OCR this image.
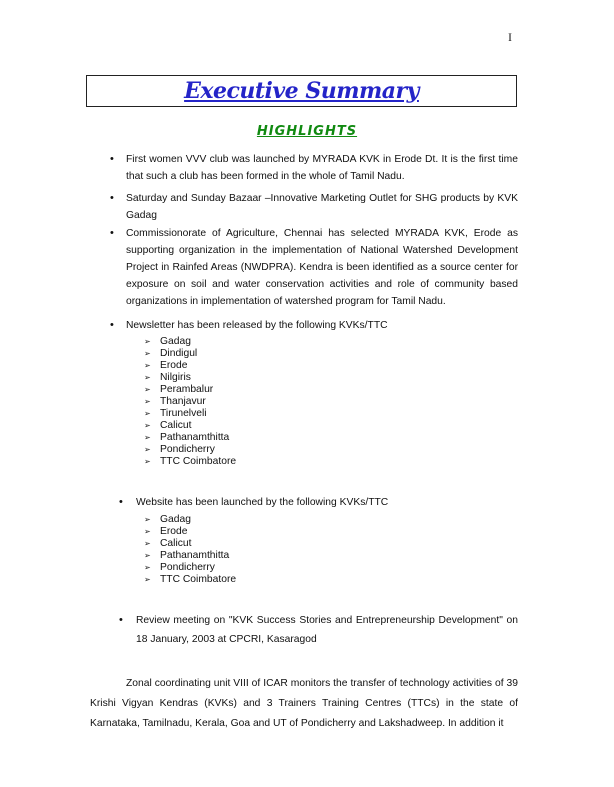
I
Executive Summary
HIGHLIGHTS
• First women VVV club was launched by MYRADA KVK in Erode Dt. It is the first time that such a club has been formed in the whole of Tamil Nadu.
• Saturday and Sunday Bazaar –Innovative Marketing Outlet for SHG products by KVK Gadag
• Commissionorate of Agriculture, Chennai has selected MYRADA KVK, Erode as supporting organization in the implementation of National Watershed Development Project in Rainfed Areas (NWDPRA). Kendra is been identified as a source center for exposure on soil and water conservation activities and role of community based organizations in implementation of watershed program for Tamil Nadu.
• Newsletter has been released by the following KVKs/TTC
➢ Gadag
➢ Dindigul
➢ Erode
➢ Nilgiris
➢ Perambalur
➢ Thanjavur
➢ Tirunelveli
➢ Calicut
➢ Pathanamthitta
➢ Pondicherry
➢ TTC Coimbatore
• Website has been launched by the following KVKs/TTC
➢ Gadag
➢ Erode
➢ Calicut
➢ Pathanamthitta
➢ Pondicherry
➢ TTC Coimbatore
• Review meeting on "KVK Success Stories and Entrepreneurship Development" on 18 January, 2003 at CPCRI, Kasaragod

Zonal coordinating unit VIII of ICAR monitors the transfer of technology activities of 39 Krishi Vigyan Kendras (KVKs) and 3 Trainers Training Centres (TTCs) in the state of Karnataka, Tamilnadu, Kerala, Goa and UT of Pondicherry and Lakshadweep. In addition it
